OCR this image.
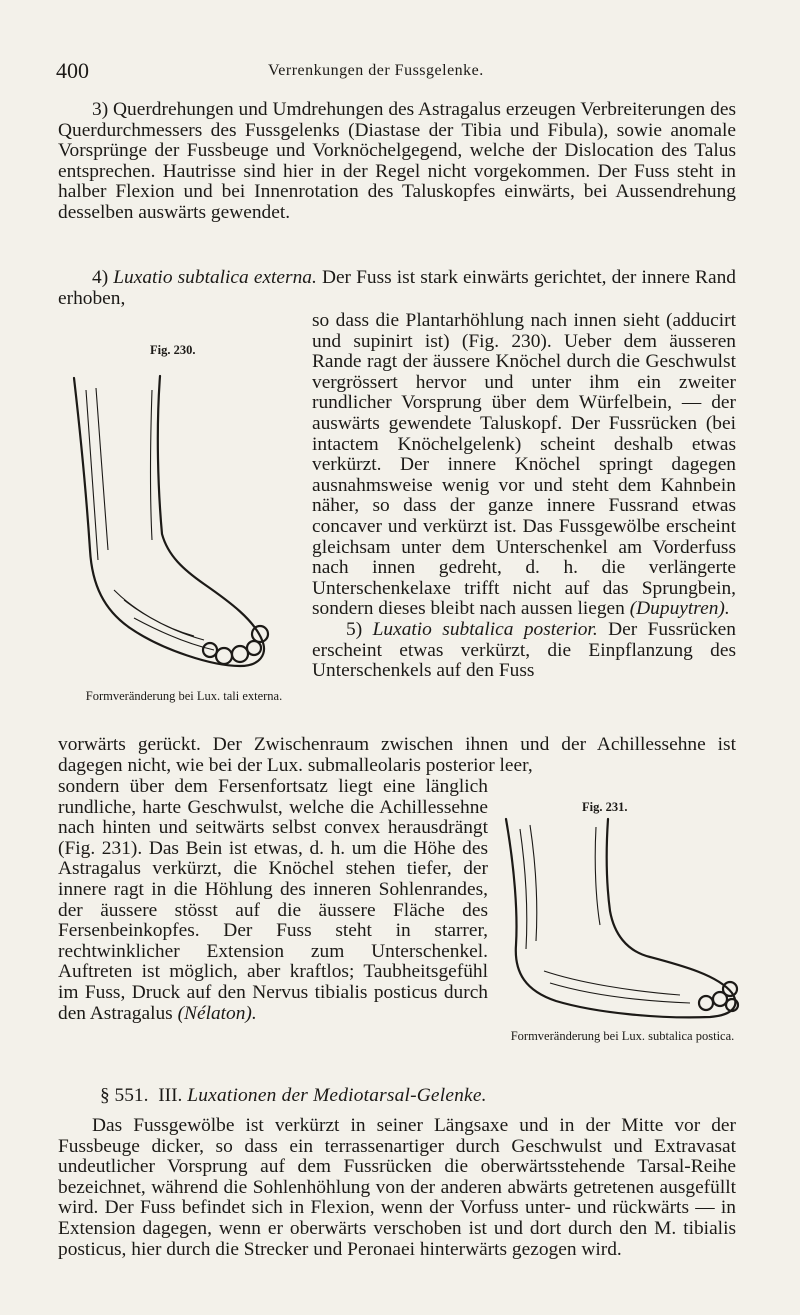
400	Verrenkungen der Fussgelenke.

3) Querdrehungen und Umdrehungen des Astragalus erzeugen Verbreiterungen des Querdurchmessers des Fussgelenks (Diastase der Tibia und Fibula), sowie anomale Vorsprünge der Fussbeuge und Vorknöchelgegend, welche der Dislocation des Talus entsprechen. Hautrisse sind hier in der Regel nicht vorgekommen. Der Fuss steht in halber Flexion und bei Innenrotation des Taluskopfes einwärts, bei Aussendrehung desselben auswärts gewendet.

4) Luxatio subtalica externa. Der Fuss ist stark einwärts gerichtet, der innere Rand erhoben,

so dass die Plantarhöhlung nach innen sieht (adducirt und supinirt ist) (Fig. 230). Ueber dem äusseren Rande ragt der äussere Knöchel durch die Geschwulst vergrössert hervor und unter ihm ein zweiter rundlicher Vorsprung über dem Würfelbein, — der auswärts gewendete Taluskopf. Der Fussrücken (bei intactem Knöchelgelenk) scheint deshalb etwas verkürzt. Der innere Knöchel springt dagegen ausnahmsweise wenig vor und steht dem Kahnbein näher, so dass der ganze innere Fussrand etwas concaver und verkürzt ist. Das Fussgewölbe erscheint gleichsam unter dem Unterschenkel am Vorderfuss nach innen gedreht, d. h. die verlängerte Unterschenkelaxe trifft nicht auf das Sprungbein, sondern dieses bleibt nach aussen liegen (Dupuytren).

5) Luxatio subtalica posterior. Der Fussrücken erscheint etwas verkürzt, die Einpflanzung des Unterschenkels auf den Fuss

Fig. 230.
Formveränderung bei Lux. tali externa.

vorwärts gerückt. Der Zwischenraum zwischen ihnen und der Achillessehne ist dagegen nicht, wie bei der Lux. submalleolaris posterior leer,

sondern über dem Fersenfortsatz liegt eine länglich rundliche, harte Geschwulst, welche die Achillessehne nach hinten und seitwärts selbst convex herausdrängt (Fig. 231). Das Bein ist etwas, d. h. um die Höhe des Astragalus verkürzt, die Knöchel stehen tiefer, der innere ragt in die Höhlung des inneren Sohlenrandes, der äussere stösst auf die äussere Fläche des Fersenbeinkopfes. Der Fuss steht in starrer, rechtwinklicher Extension zum Unterschenkel. Auftreten ist möglich, aber kraftlos; Taubheitsgefühl im Fuss, Druck auf den Nervus tibialis posticus durch den Astragalus (Nélaton).

Fig. 231.
Formveränderung bei Lux. subtalica postica.
§ 551. III. Luxationen der Mediotarsal-Gelenke.

Das Fussgewölbe ist verkürzt in seiner Längsaxe und in der Mitte vor der Fussbeuge dicker, so dass ein terrassenartiger durch Geschwulst und Extravasat undeutlicher Vorsprung auf dem Fussrücken die oberwärtsstehende Tarsal-Reihe bezeichnet, während die Sohlenhöhlung von der anderen abwärts getretenen ausgefüllt wird. Der Fuss befindet sich in Flexion, wenn der Vorfuss unter- und rückwärts — in Extension dagegen, wenn er oberwärts verschoben ist und dort durch den M. tibialis posticus, hier durch die Strecker und Peronaei hinterwärts gezogen wird.
